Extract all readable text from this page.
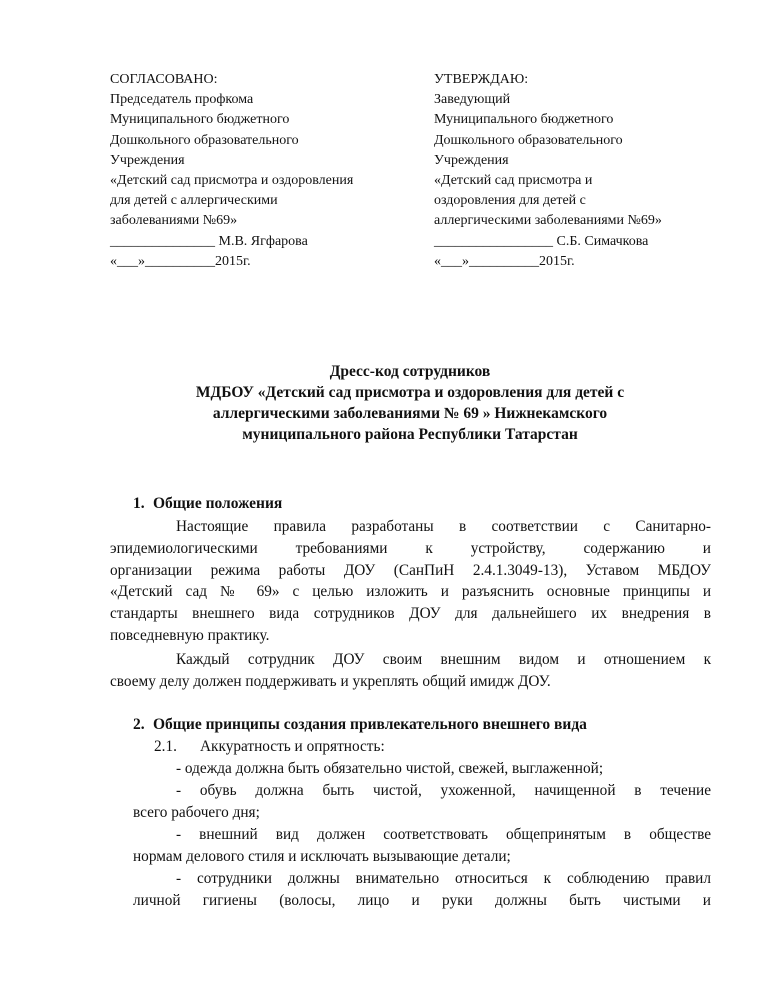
СОГЛАСОВАНО:
Председатель профкома
Муниципального бюджетного
Дошкольного образовательного
Учреждения
«Детский сад присмотра и оздоровления
для детей с аллергическими
заболеваниями №69»
_______________ М.В. Ягфарова
«___»__________2015г.
УТВЕРЖДАЮ:
Заведующий
Муниципального бюджетного
Дошкольного образовательного
Учреждения
«Детский сад присмотра и
оздоровления для детей с
аллергическими заболеваниями №69»
_________________ С.Б. Симачкова
«___»__________2015г.
Дресс-код сотрудников
МДБОУ «Детский сад присмотра и оздоровления для детей с
аллергическими заболеваниями № 69 » Нижнекамского
муниципального района Республики Татарстан
1. Общие положения
Настоящие правила разработаны в соответствии с Санитарно-
эпидемиологическими требованиями к устройству, содержанию и
организации режима работы ДОУ (СанПиН 2.4.1.3049-13), Уставом МБДОУ
«Детский сад № 69» с целью изложить и разъяснить основные принципы и
стандарты внешнего вида сотрудников ДОУ для дальнейшего их внедрения в
повседневную практику.
Каждый сотрудник ДОУ своим внешним видом и отношением к
своему делу должен поддерживать и укреплять общий имидж ДОУ.
2. Общие принципы создания привлекательного внешнего вида
2.1. Аккуратность и опрятность:
- одежда должна быть обязательно чистой, свежей, выглаженной;
- обувь должна быть чистой, ухоженной, начищенной в течение
всего рабочего дня;
- внешний вид должен соответствовать общепринятым в обществе
нормам делового стиля и исключать вызывающие детали;
- сотрудники должны внимательно относиться к соблюдению правил
личной гигиены (волосы, лицо и руки должны быть чистыми и
